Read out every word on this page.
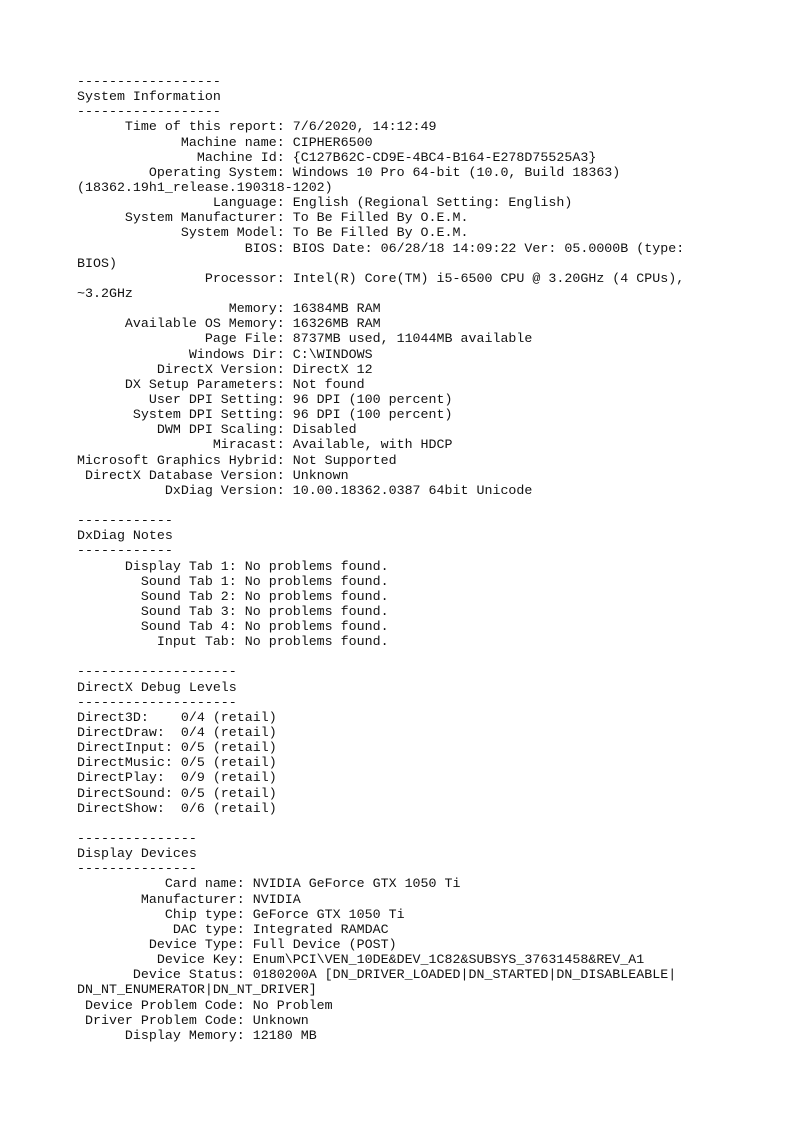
------------------
System Information
------------------
Time of this report: 7/6/2020, 14:12:49
Machine name: CIPHER6500
Machine Id: {C127B62C-CD9E-4BC4-B164-E278D75525A3}
Operating System: Windows 10 Pro 64-bit (10.0, Build 18363)
(18362.19h1_release.190318-1202)
Language: English (Regional Setting: English)
System Manufacturer: To Be Filled By O.E.M.
System Model: To Be Filled By O.E.M.
BIOS: BIOS Date: 06/28/18 14:09:22 Ver: 05.0000B (type:
BIOS)
Processor: Intel(R) Core(TM) i5-6500 CPU @ 3.20GHz (4 CPUs),
~3.2GHz
Memory: 16384MB RAM
Available OS Memory: 16326MB RAM
Page File: 8737MB used, 11044MB available
Windows Dir: C:\WINDOWS
DirectX Version: DirectX 12
DX Setup Parameters: Not found
User DPI Setting: 96 DPI (100 percent)
System DPI Setting: 96 DPI (100 percent)
DWM DPI Scaling: Disabled
Miracast: Available, with HDCP
Microsoft Graphics Hybrid: Not Supported
DirectX Database Version: Unknown
DxDiag Version: 10.00.18362.0387 64bit Unicode
------------
DxDiag Notes
------------
Display Tab 1: No problems found.
Sound Tab 1: No problems found.
Sound Tab 2: No problems found.
Sound Tab 3: No problems found.
Sound Tab 4: No problems found.
Input Tab: No problems found.
--------------------
DirectX Debug Levels
--------------------
Direct3D:    0/4 (retail)
DirectDraw:  0/4 (retail)
DirectInput: 0/5 (retail)
DirectMusic: 0/5 (retail)
DirectPlay:  0/9 (retail)
DirectSound: 0/5 (retail)
DirectShow:  0/6 (retail)
---------------
Display Devices
---------------
Card name: NVIDIA GeForce GTX 1050 Ti
Manufacturer: NVIDIA
Chip type: GeForce GTX 1050 Ti
DAC type: Integrated RAMDAC
Device Type: Full Device (POST)
Device Key: Enum\PCI\VEN_10DE&DEV_1C82&SUBSYS_37631458&REV_A1
Device Status: 0180200A [DN_DRIVER_LOADED|DN_STARTED|DN_DISABLEABLE|
DN_NT_ENUMERATOR|DN_NT_DRIVER]
Device Problem Code: No Problem
Driver Problem Code: Unknown
Display Memory: 12180 MB
